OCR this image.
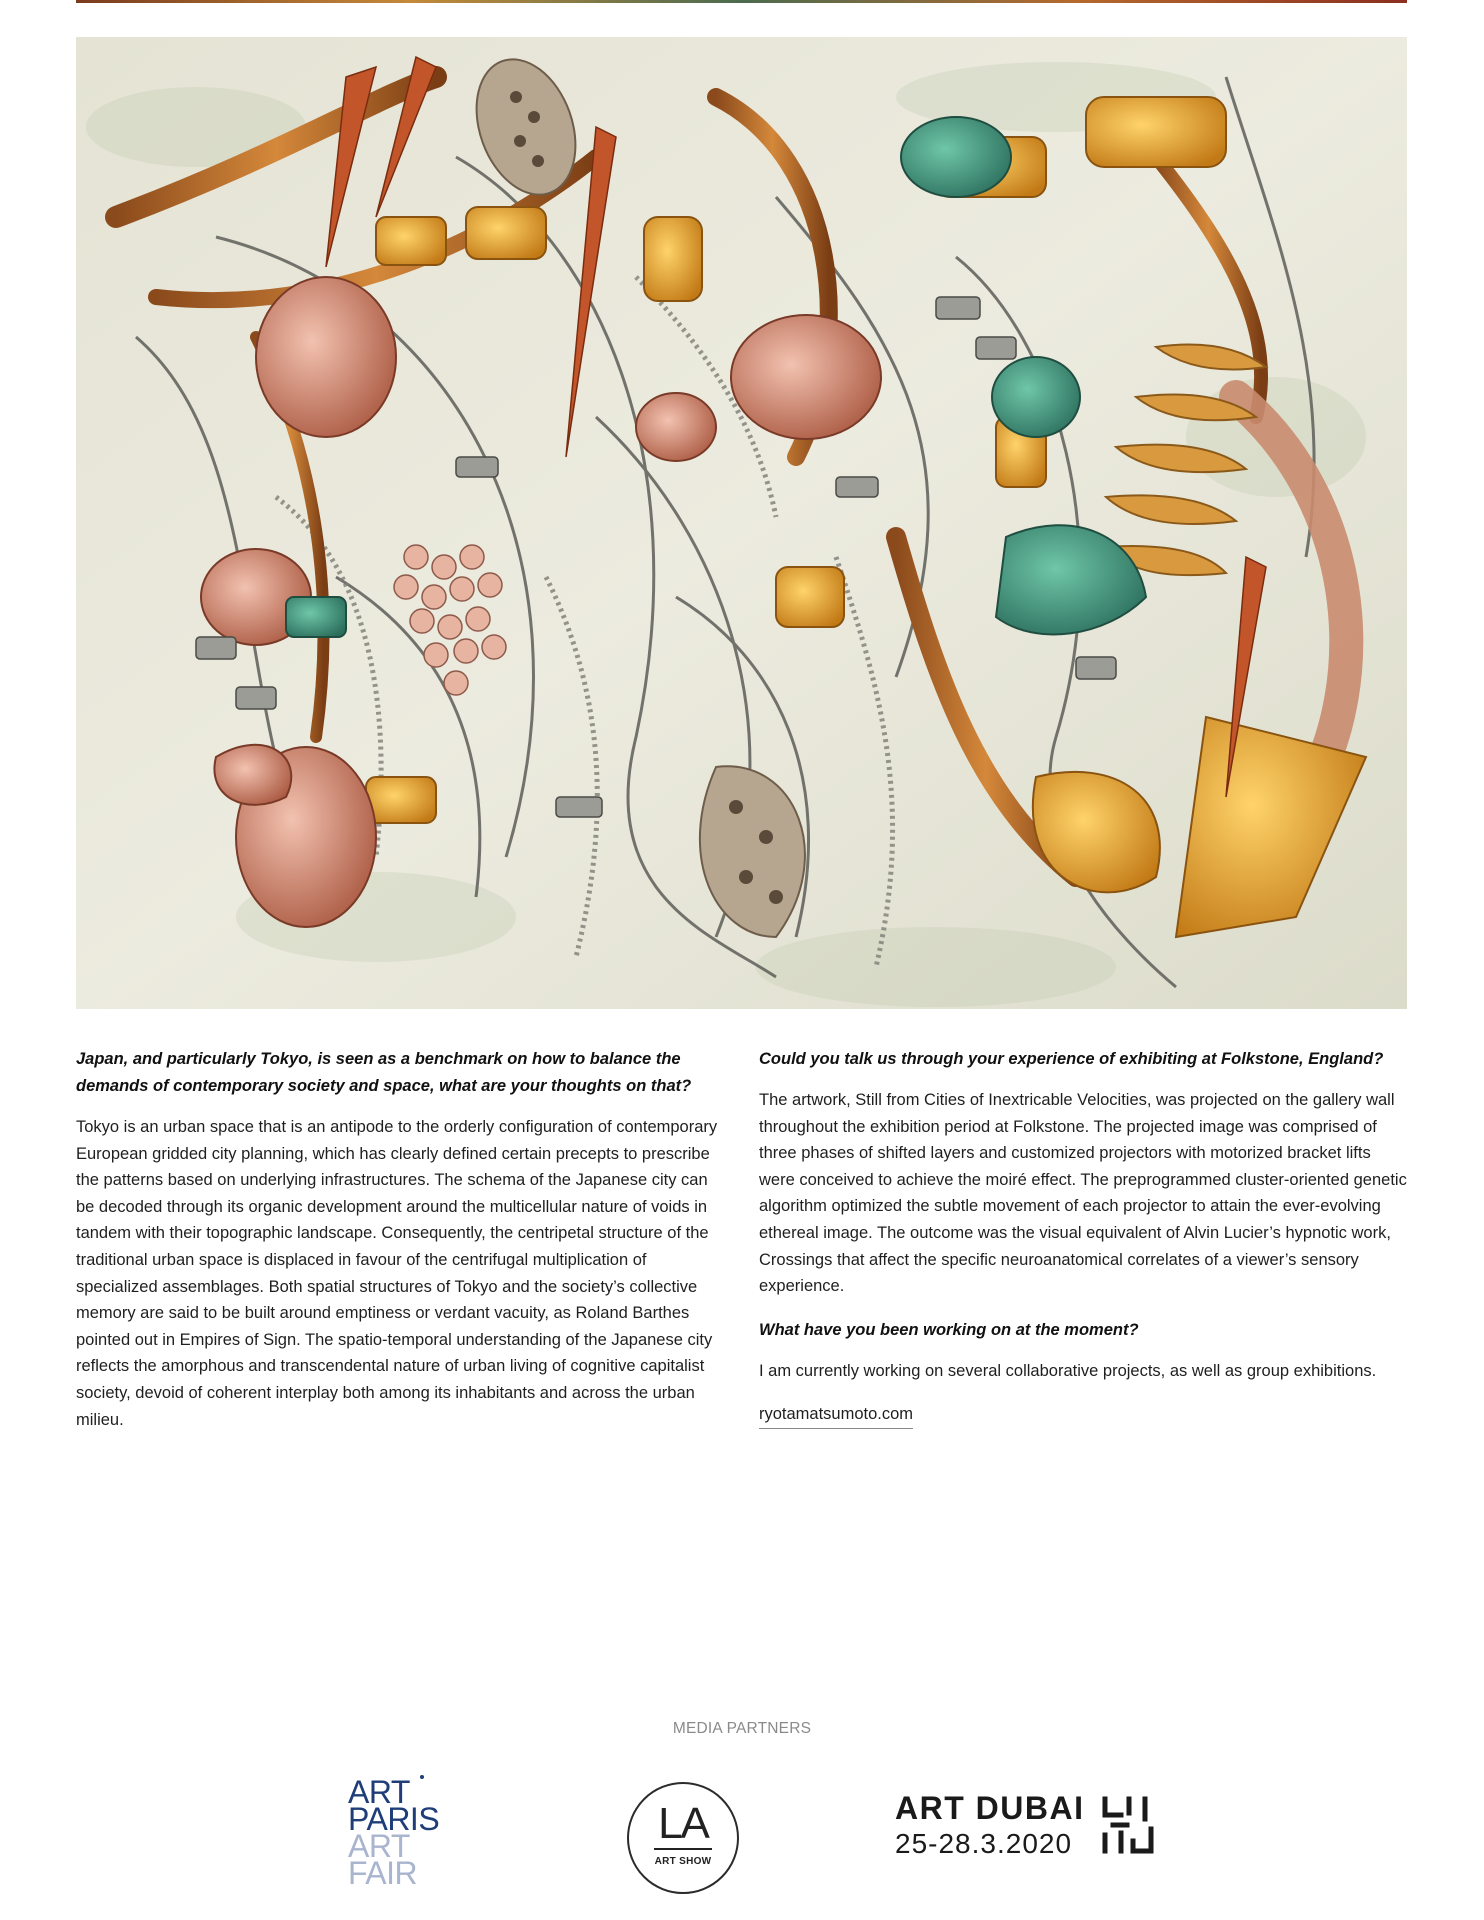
Japan, and particularly Tokyo, is seen as a benchmark on how to balance the demands of contemporary society and space, what are your thoughts on that?

Tokyo is an urban space that is an antipode to the orderly configuration of contemporary European gridded city planning, which has clearly defined certain precepts to prescribe the patterns based on underlying infrastructures. The schema of the Japanese city can be decoded through its organic development around the multicellular nature of voids in tandem with their topographic landscape. Consequently, the centripetal structure of the traditional urban space is displaced in favour of the centrifugal multiplication of specialized assemblages. Both spatial structures of Tokyo and the society’s collective memory are said to be built around emptiness or verdant vacuity, as Roland Barthes pointed out in Empires of Sign. The spatio-temporal understanding of the Japanese city reflects the amorphous and transcendental nature of urban living of cognitive capitalist society, devoid of coherent interplay both among its inhabitants and across the urban milieu.

Could you talk us through your experience of exhibiting at Folkstone, England?

The artwork, Still from Cities of Inextricable Velocities, was projected on the gallery wall throughout the exhibition period at Folkstone. The projected image was comprised of three phases of shifted layers and customized projectors with motorized bracket lifts were conceived to achieve the moiré effect. The preprogrammed cluster-oriented genetic algorithm optimized the subtle movement of each projector to attain the ever-evolving ethereal image. The outcome was the visual equivalent of Alvin Lucier’s hypnotic work, Crossings that affect the specific neuroanatomical correlates of a viewer’s sensory experience.

What have you been working on at the moment?

I am currently working on several collaborative projects, as well as group exhibitions.

ryotamatsumoto.com
MEDIA PARTNERS
ART
PARIS
ART
FAIR
LA
ART SHOW
ART DUBAI
25-28.3.2020
